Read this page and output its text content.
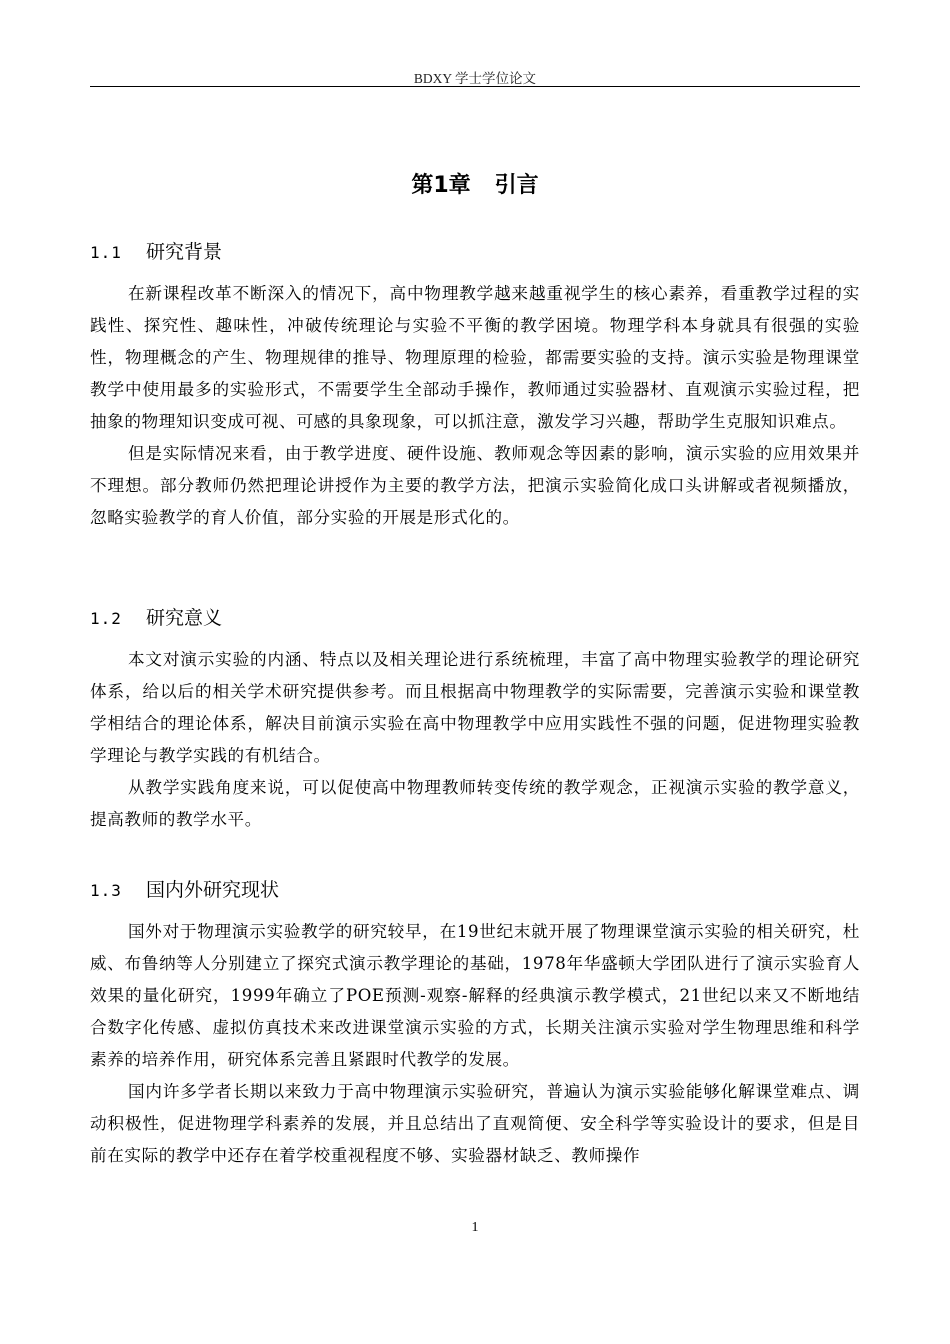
BDXY 学士学位论文
第1章 引言
1.1 研究背景

在新课程改革不断深入的情况下，高中物理教学越来越重视学生的核心素养，看重教学过程的实践性、探究性、趣味性，冲破传统理论与实验不平衡的教学困境。物理学科本身就具有很强的实验性，物理概念的产生、物理规律的推导、物理原理的检验，都需要实验的支持。演示实验是物理课堂教学中使用最多的实验形式，不需要学生全部动手操作，教师通过实验器材、直观演示实验过程，把抽象的物理知识变成可视、可感的具象现象，可以抓注意，激发学习兴趣，帮助学生克服知识难点。

但是实际情况来看，由于教学进度、硬件设施、教师观念等因素的影响，演示实验的应用效果并不理想。部分教师仍然把理论讲授作为主要的教学方法，把演示实验简化成口头讲解或者视频播放，忽略实验教学的育人价值，部分实验的开展是形式化的。

1.2 研究意义

本文对演示实验的内涵、特点以及相关理论进行系统梳理，丰富了高中物理实验教学的理论研究体系，给以后的相关学术研究提供参考。而且根据高中物理教学的实际需要，完善演示实验和课堂教学相结合的理论体系，解决目前演示实验在高中物理教学中应用实践性不强的问题，促进物理实验教学理论与教学实践的有机结合。

从教学实践角度来说，可以促使高中物理教师转变传统的教学观念，正视演示实验的教学意义，提高教师的教学水平。

1.3 国内外研究现状

国外对于物理演示实验教学的研究较早，在19世纪末就开展了物理课堂演示实验的相关研究，杜威、布鲁纳等人分别建立了探究式演示教学理论的基础，1978年华盛顿大学团队进行了演示实验育人效果的量化研究，1999年确立了POE预测-观察-解释的经典演示教学模式，21世纪以来又不断地结合数字化传感、虚拟仿真技术来改进课堂演示实验的方式，长期关注演示实验对学生物理思维和科学素养的培养作用，研究体系完善且紧跟时代教学的发展。

国内许多学者长期以来致力于高中物理演示实验研究，普遍认为演示实验能够化解课堂难点、调动积极性，促进物理学科素养的发展，并且总结出了直观简便、安全科学等实验设计的要求，但是目前在实际的教学中还存在着学校重视程度不够、实验器材缺乏、教师操作

1
